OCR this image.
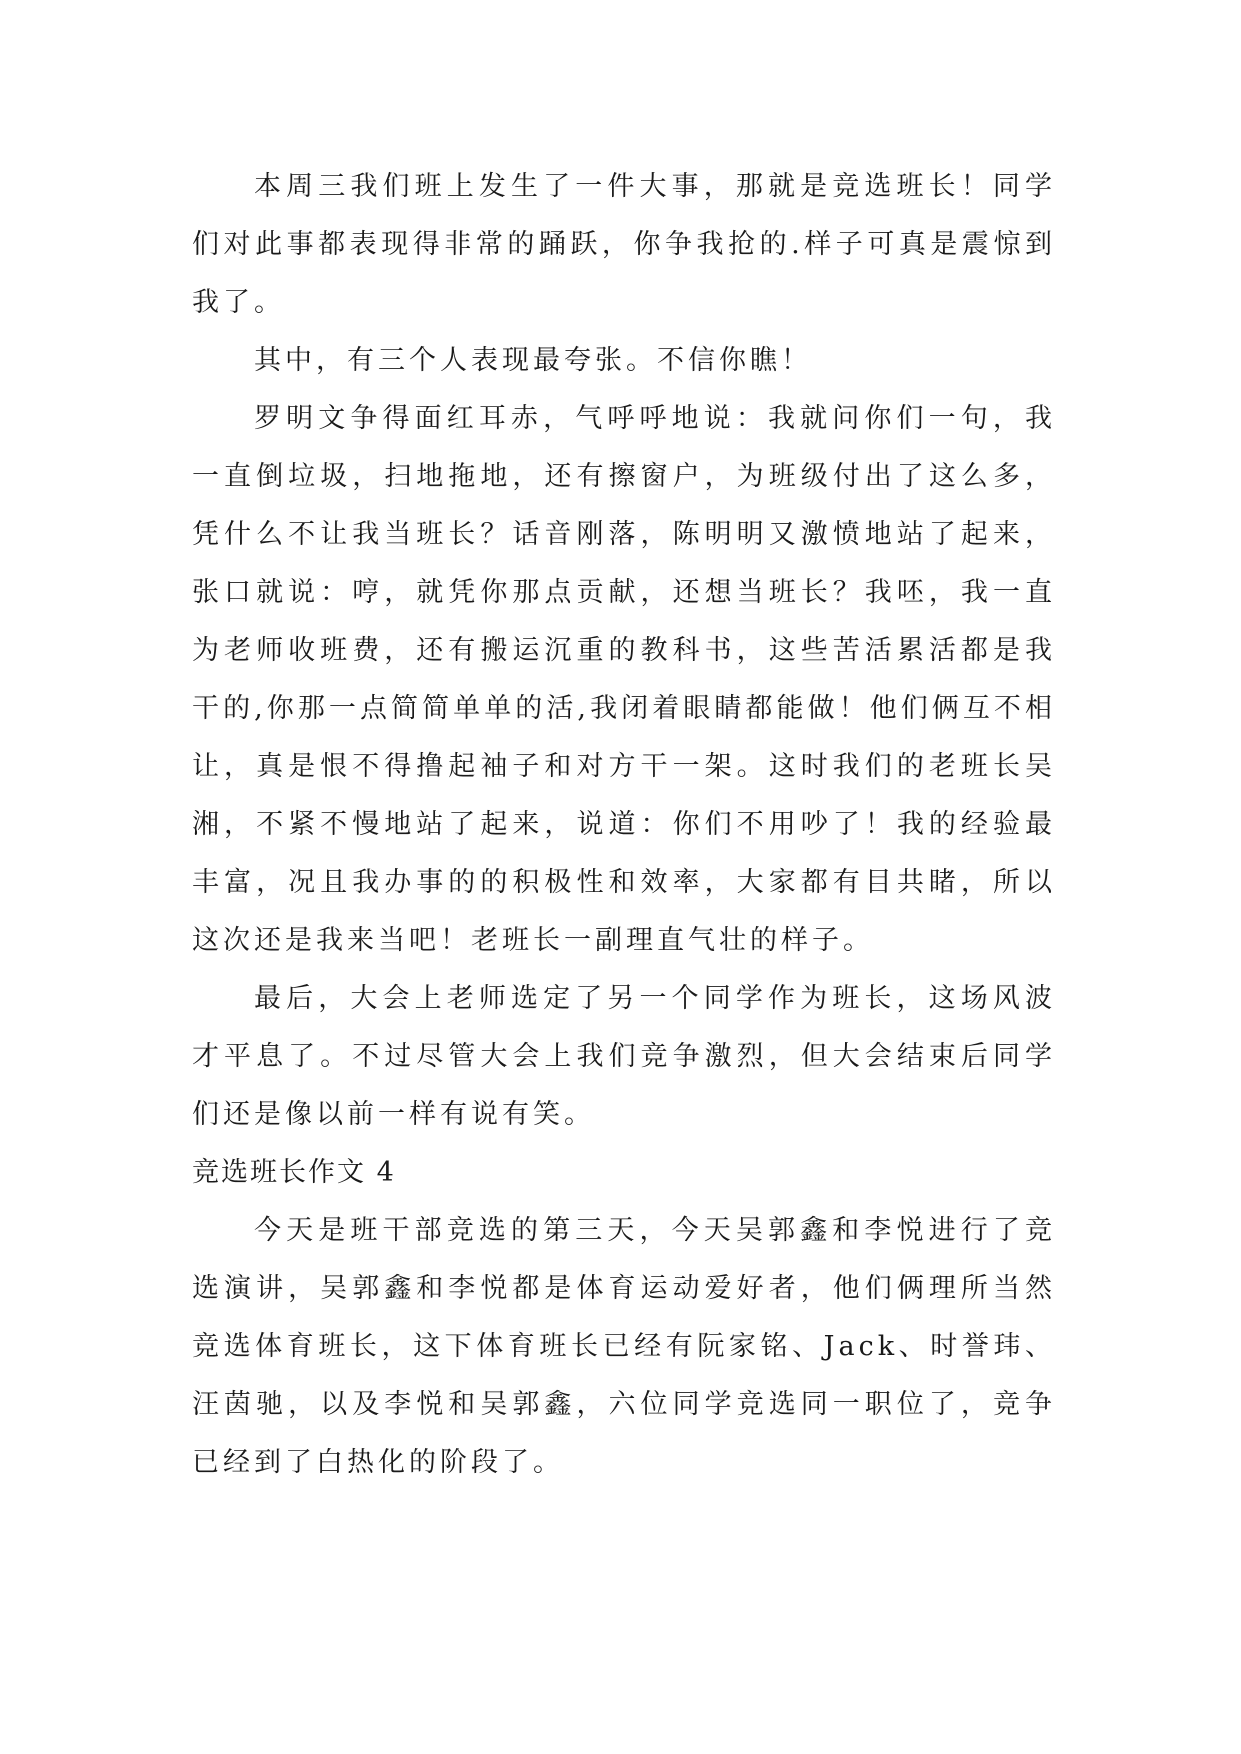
本周三我们班上发生了一件大事，那就是竞选班长！同学们对此事都表现得非常的踊跃，你争我抢的.样子可真是震惊到我了。

其中，有三个人表现最夸张。不信你瞧！

罗明文争得面红耳赤，气呼呼地说：我就问你们一句，我一直倒垃圾，扫地拖地，还有擦窗户，为班级付出了这么多，凭什么不让我当班长？话音刚落，陈明明又激愤地站了起来，张口就说：哼，就凭你那点贡献，还想当班长？我呸，我一直为老师收班费，还有搬运沉重的教科书，这些苦活累活都是我干的,你那一点简简单单的活,我闭着眼睛都能做！他们俩互不相让，真是恨不得撸起袖子和对方干一架。这时我们的老班长吴湘，不紧不慢地站了起来，说道：你们不用吵了！我的经验最丰富，况且我办事的的积极性和效率，大家都有目共睹，所以这次还是我来当吧！老班长一副理直气壮的样子。

最后，大会上老师选定了另一个同学作为班长，这场风波才平息了。不过尽管大会上我们竞争激烈，但大会结束后同学们还是像以前一样有说有笑。

竞选班长作文 4

今天是班干部竞选的第三天，今天吴郭鑫和李悦进行了竞选演讲，吴郭鑫和李悦都是体育运动爱好者，他们俩理所当然竞选体育班长，这下体育班长已经有阮家铭、Jack、时誉玮、汪茵驰，以及李悦和吴郭鑫，六位同学竞选同一职位了，竞争已经到了白热化的阶段了。
